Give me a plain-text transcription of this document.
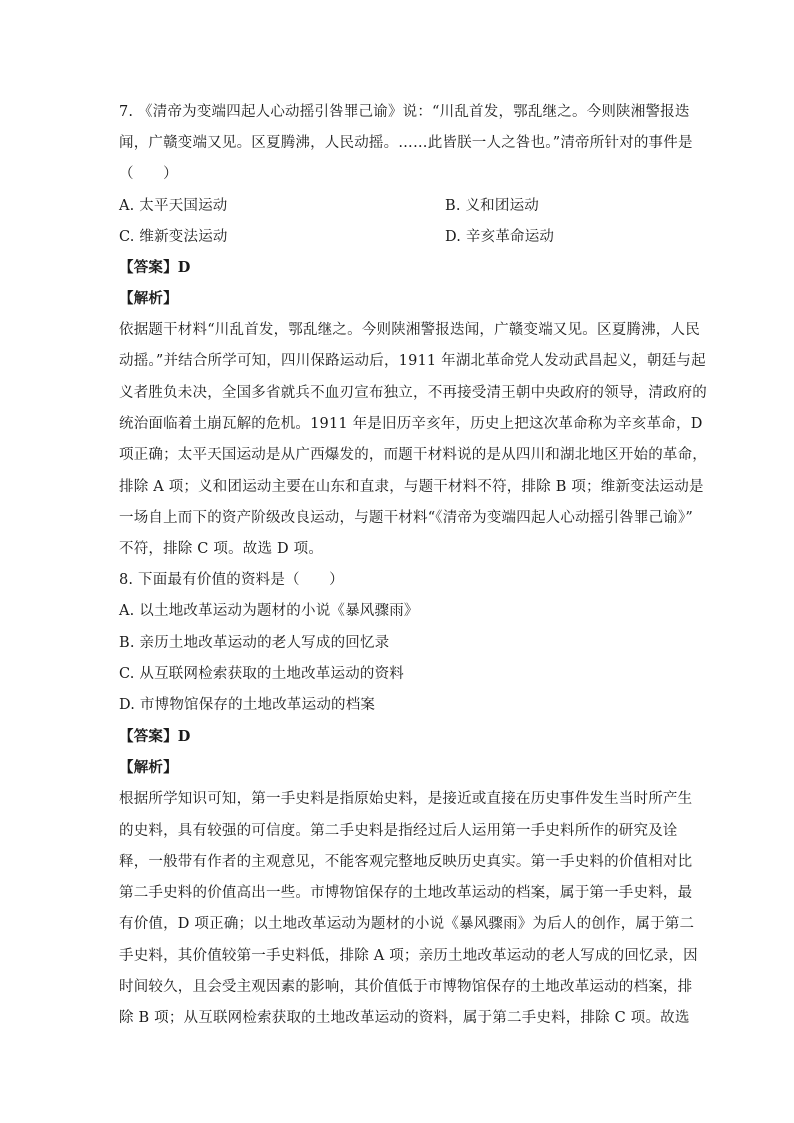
7. 《清帝为变端四起人心动摇引咎罪己谕》说：“川乱首发，鄂乱继之。今则陕湘警报迭
闻，广赣变端又见。区夏腾沸，人民动摇。……此皆朕一人之咎也。”清帝所针对的事件是
（　　）
A. 太平天国运动	B. 义和团运动
C. 维新变法运动	D. 辛亥革命运动
【答案】D
【解析】
依据题干材料“川乱首发，鄂乱继之。今则陕湘警报迭闻，广赣变端又见。区夏腾沸，人民
动摇。”并结合所学可知，四川保路运动后，1911 年湖北革命党人发动武昌起义，朝廷与起
义者胜负未决，全国多省就兵不血刃宣布独立，不再接受清王朝中央政府的领导，清政府的
统治面临着土崩瓦解的危机。1911 年是旧历辛亥年，历史上把这次革命称为辛亥革命，D
项正确；太平天国运动是从广西爆发的，而题干材料说的是从四川和湖北地区开始的革命，
排除 A 项；义和团运动主要在山东和直隶，与题干材料不符，排除 B 项；维新变法运动是
一场自上而下的资产阶级改良运动，与题干材料“《清帝为变端四起人心动摇引咎罪己谕》”
不符，排除 C 项。故选 D 项。
8. 下面最有价值的资料是（　　）
A. 以土地改革运动为题材的小说《暴风骤雨》
B. 亲历土地改革运动的老人写成的回忆录
C. 从互联网检索获取的土地改革运动的资料
D. 市博物馆保存的土地改革运动的档案
【答案】D
【解析】
根据所学知识可知，第一手史料是指原始史料，是接近或直接在历史事件发生当时所产生
的史料，具有较强的可信度。第二手史料是指经过后人运用第一手史料所作的研究及诠
释，一般带有作者的主观意见，不能客观完整地反映历史真实。第一手史料的价值相对比
第二手史料的价值高出一些。市博物馆保存的土地改革运动的档案，属于第一手史料，最
有价值，D 项正确；以土地改革运动为题材的小说《暴风骤雨》为后人的创作，属于第二
手史料，其价值较第一手史料低，排除 A 项；亲历土地改革运动的老人写成的回忆录，因
时间较久，且会受主观因素的影响，其价值低于市博物馆保存的土地改革运动的档案，排
除 B 项；从互联网检索获取的土地改革运动的资料，属于第二手史料，排除 C 项。故选
